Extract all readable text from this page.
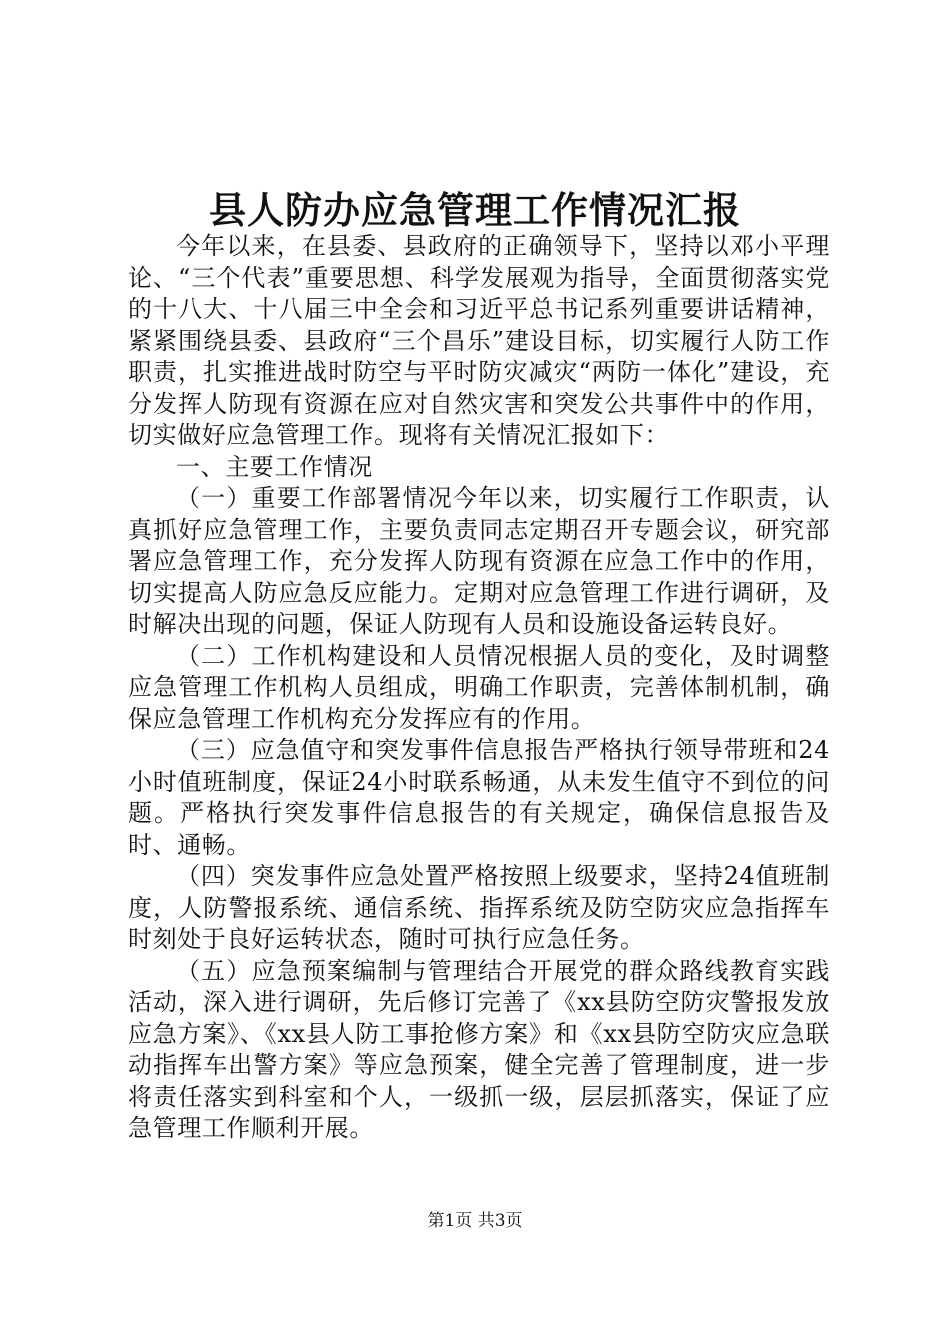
县人防办应急管理工作情况汇报

今年以来，在县委、县政府的正确领导下，坚持以邓小平理论、“三个代表”重要思想、科学发展观为指导，全面贯彻落实党的十八大、十八届三中全会和习近平总书记系列重要讲话精神，紧紧围绕县委、县政府“三个昌乐”建设目标，切实履行人防工作职责，扎实推进战时防空与平时防灾减灾“两防一体化”建设，充分发挥人防现有资源在应对自然灾害和突发公共事件中的作用，切实做好应急管理工作。现将有关情况汇报如下：

一、主要工作情况

（一）重要工作部署情况今年以来，切实履行工作职责，认真抓好应急管理工作，主要负责同志定期召开专题会议，研究部署应急管理工作，充分发挥人防现有资源在应急工作中的作用，切实提高人防应急反应能力。定期对应急管理工作进行调研，及时解决出现的问题，保证人防现有人员和设施设备运转良好。

（二）工作机构建设和人员情况根据人员的变化，及时调整应急管理工作机构人员组成，明确工作职责，完善体制机制，确保应急管理工作机构充分发挥应有的作用。

（三）应急值守和突发事件信息报告严格执行领导带班和24小时值班制度，保证24小时联系畅通，从未发生值守不到位的问题。严格执行突发事件信息报告的有关规定，确保信息报告及时、通畅。

（四）突发事件应急处置严格按照上级要求，坚持24值班制度，人防警报系统、通信系统、指挥系统及防空防灾应急指挥车时刻处于良好运转状态，随时可执行应急任务。

（五）应急预案编制与管理结合开展党的群众路线教育实践活动，深入进行调研，先后修订完善了《xx县防空防灾警报发放应急方案》、《xx县人防工事抢修方案》和《xx县防空防灾应急联动指挥车出警方案》等应急预案，健全完善了管理制度，进一步将责任落实到科室和个人，一级抓一级，层层抓落实，保证了应急管理工作顺利开展。

第1页 共3页
